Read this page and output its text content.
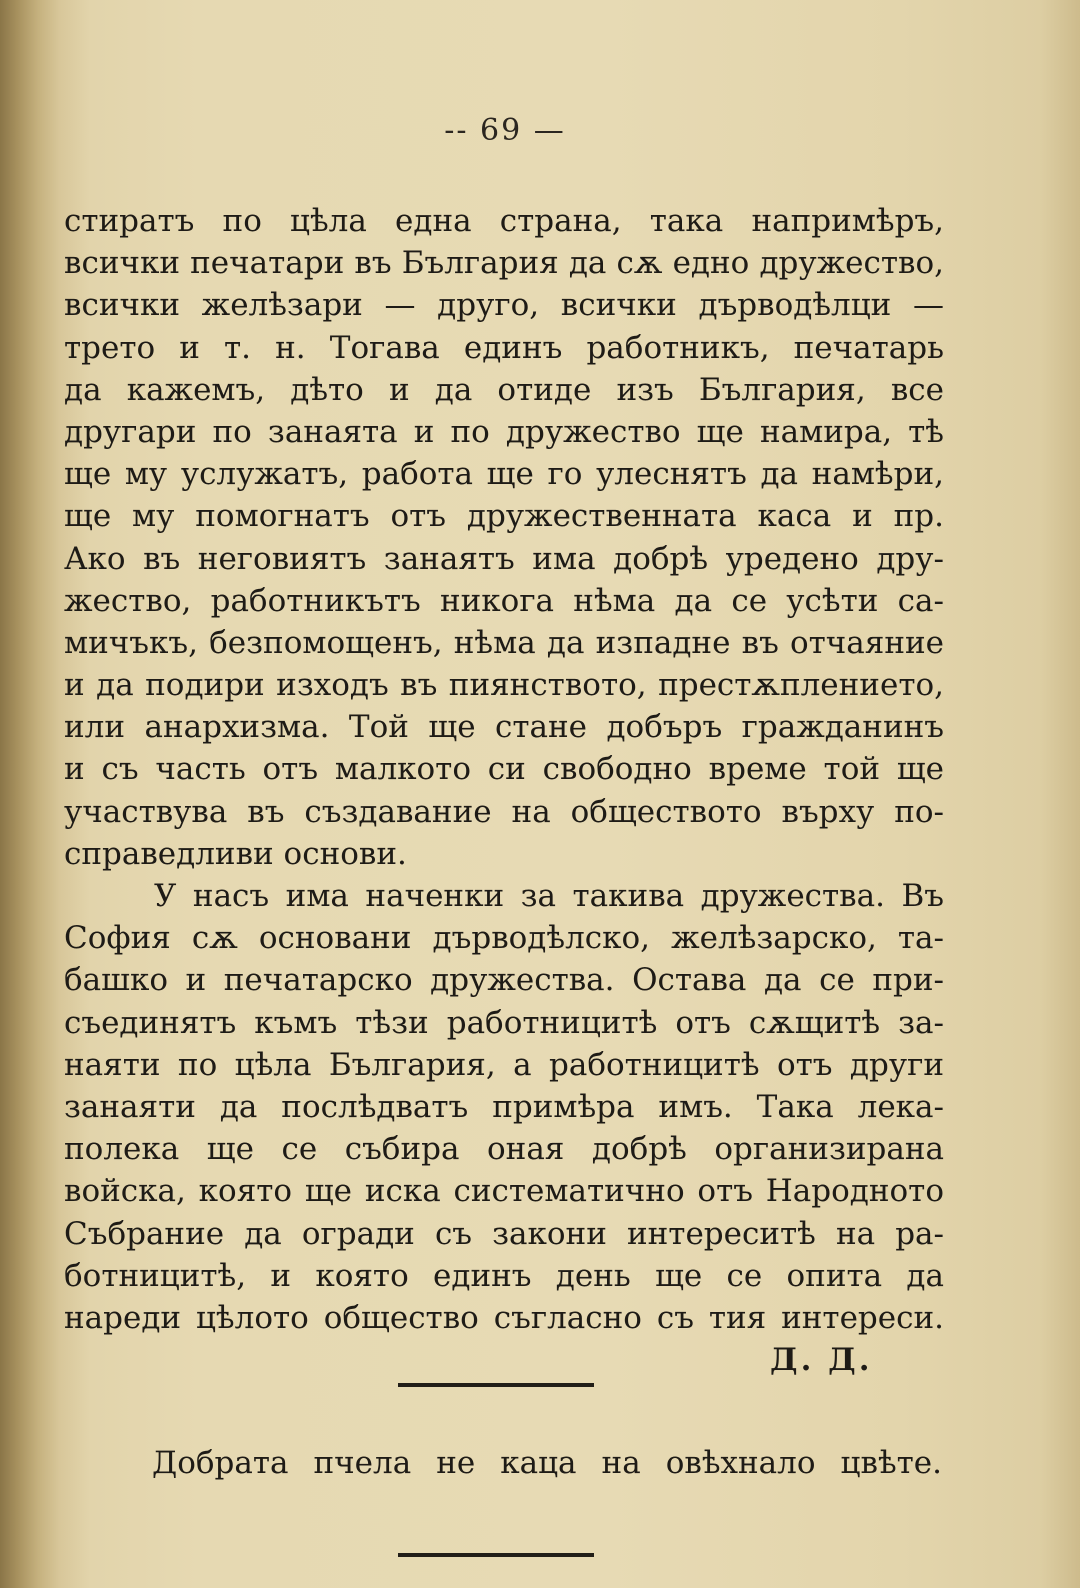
-- 69 —
стиратъ по цѣла една страна, така напримѣръ,
всички печатари въ България да сѫ едно дружество,
всички желѣзари — друго, всички дърводѣлци —
трето и т. н. Тогава единъ работникъ, печатарь
да кажемъ, дѣто и да отиде изъ България, все
другари по занаята и по дружество ще намира, тѣ
ще му услужатъ, работа ще го улеснятъ да намѣри,
ще му помогнатъ отъ дружественната каса и пр.
Ако въ неговиятъ занаятъ има добрѣ уредено дру-
жество, работникътъ никога нѣма да се усѣти са-
мичъкъ, безпомощенъ, нѣма да изпадне въ отчаяние
и да подири изходъ въ пиянството, престѫплението,
или анархизма. Той ще стане добъръ гражданинъ
и съ часть отъ малкото си свободно време той ще
участвува въ създавание на обществото върху по-
справедливи основи.
У насъ има наченки за такива дружества. Въ
София сѫ основани дърводѣлско, желѣзарско, та-
башко и печатарско дружества. Остава да се при-
съединятъ къмъ тѣзи работницитѣ отъ сѫщитѣ за-
наяти по цѣла България, а работницитѣ отъ други
занаяти да послѣдватъ примѣра имъ. Така лека-
полека ще се събира оная добрѣ организирана
войска, която ще иска систематично отъ Народното
Събрание да огради съ закони интереситѣ на ра-
ботницитѣ, и която единъ день ще се опита да
нареди цѣлото общество съгласно съ тия интереси.
Д. Д.
Добрата пчела не каца на овѣхнало цвѣте.
